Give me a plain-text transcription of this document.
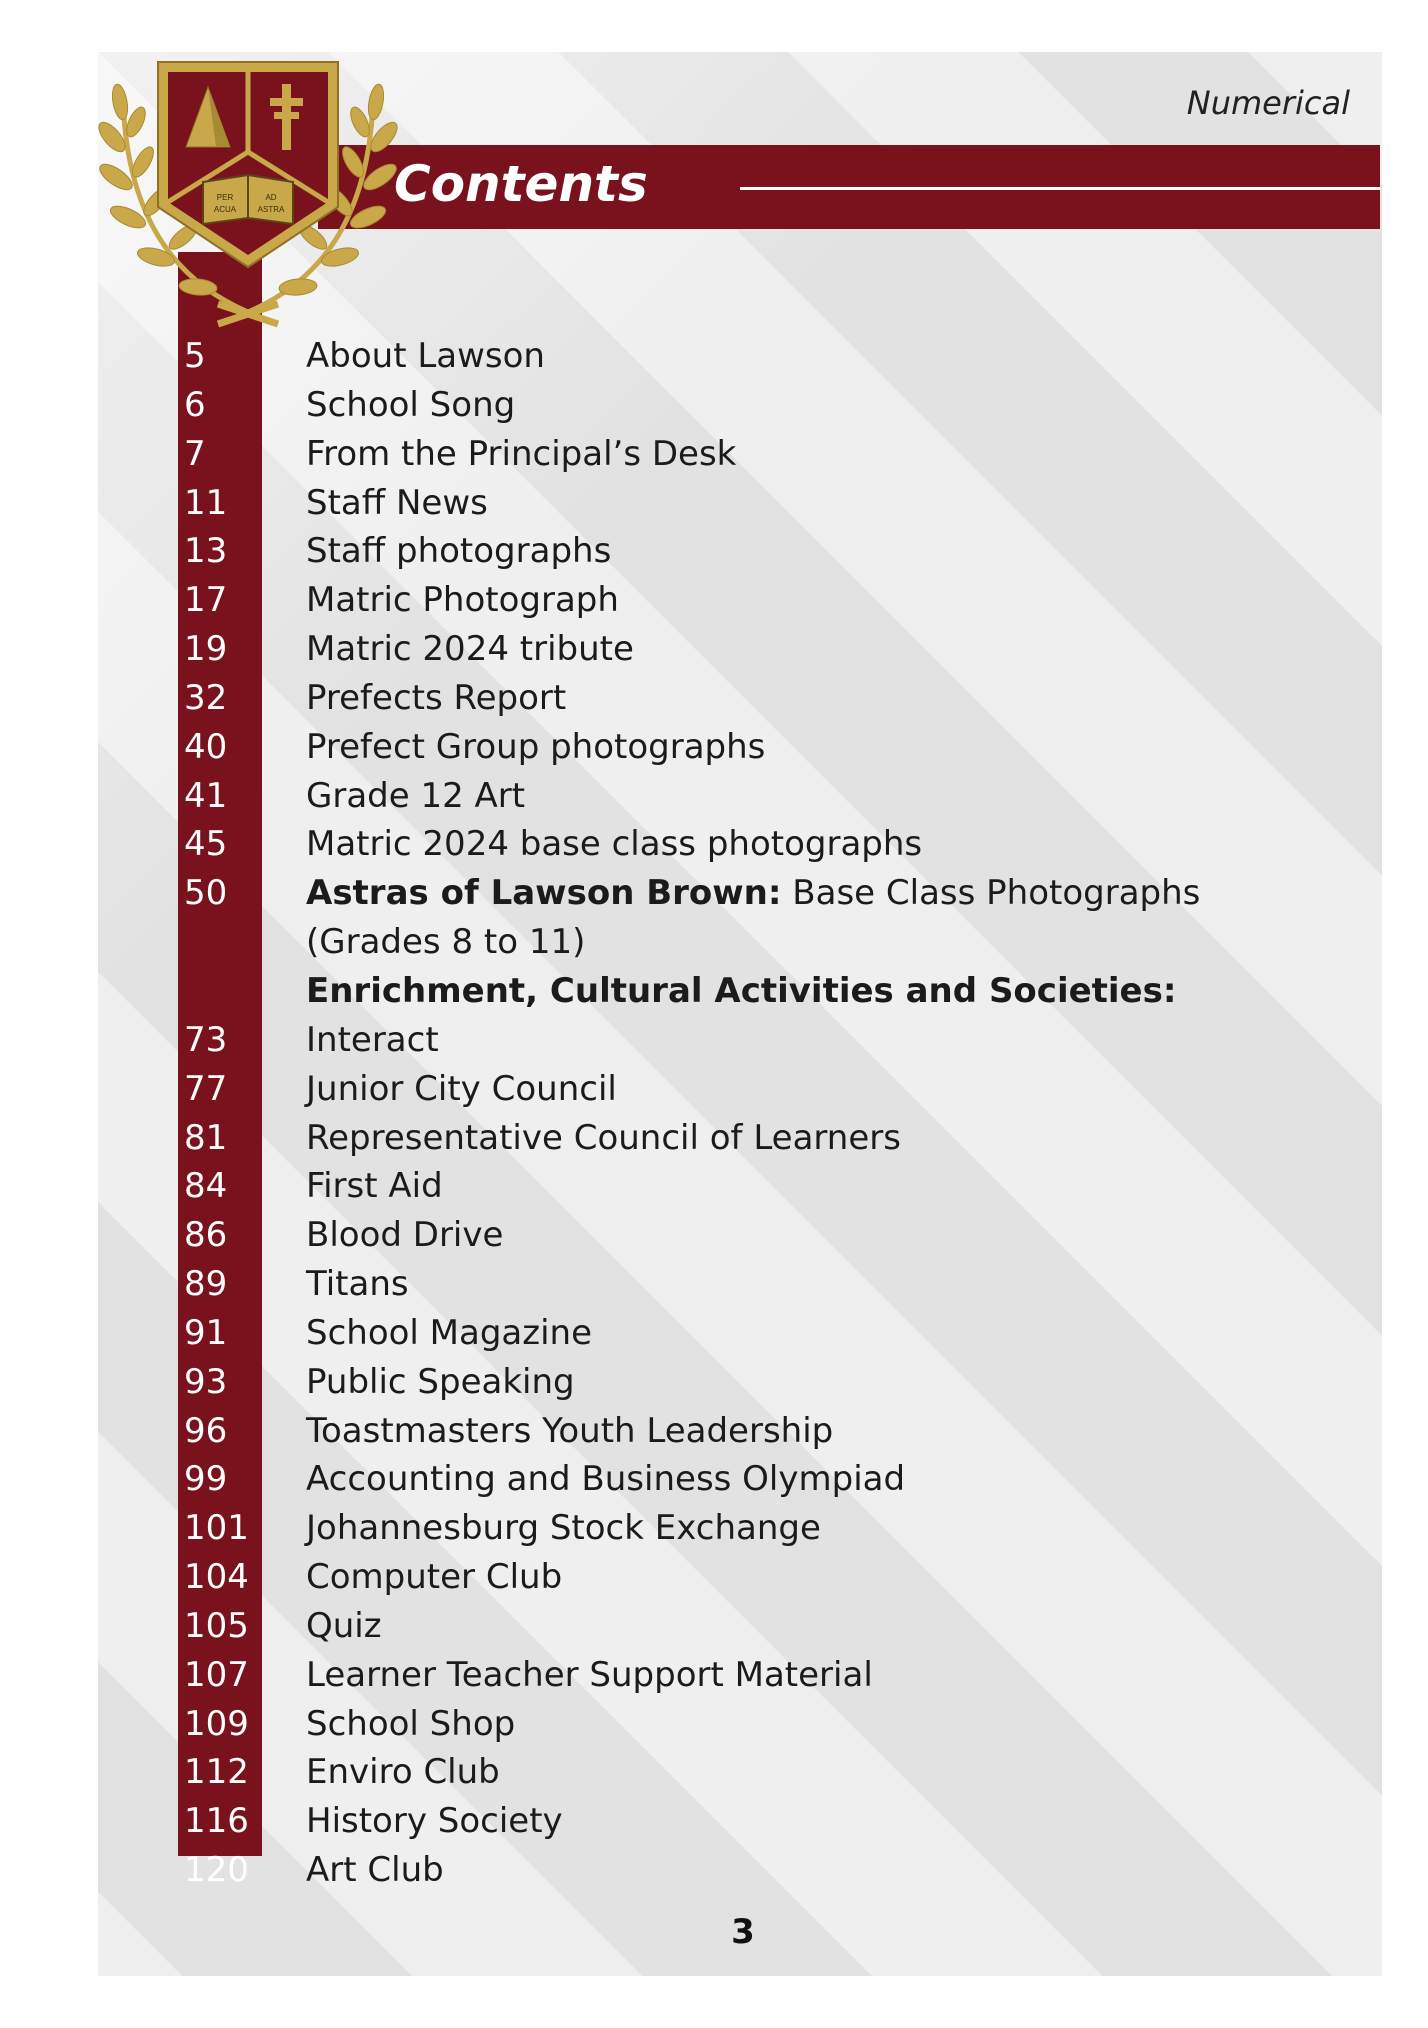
Contents
Numerical
PER	AD
ACUA	ASTRA
5	About Lawson
6	School Song
7	From the Principal’s Desk
11 Staff News
13 Staff photographs
17 Matric Photograph
19 Matric 2024 tribute
32 Prefects Report
40 Prefect Group photographs
41 Grade 12 Art
45 Matric 2024 base class photographs
50 Astras of Lawson Brown: Base Class Photographs
(Grades 8 to 11)
Enrichment, Cultural Activities and Societies:
73 Interact
77 Junior City Council
81 Representative Council of Learners
84 First Aid
86 Blood Drive
89 Titans
91 School Magazine
93 Public Speaking
96 Toastmasters Youth Leadership
99 Accounting and Business Olympiad
101 Johannesburg Stock Exchange
104 Computer Club
105 Quiz
107 Learner Teacher Support Material
109 School Shop
112 Enviro Club
116 History Society
120 Art Club
3
